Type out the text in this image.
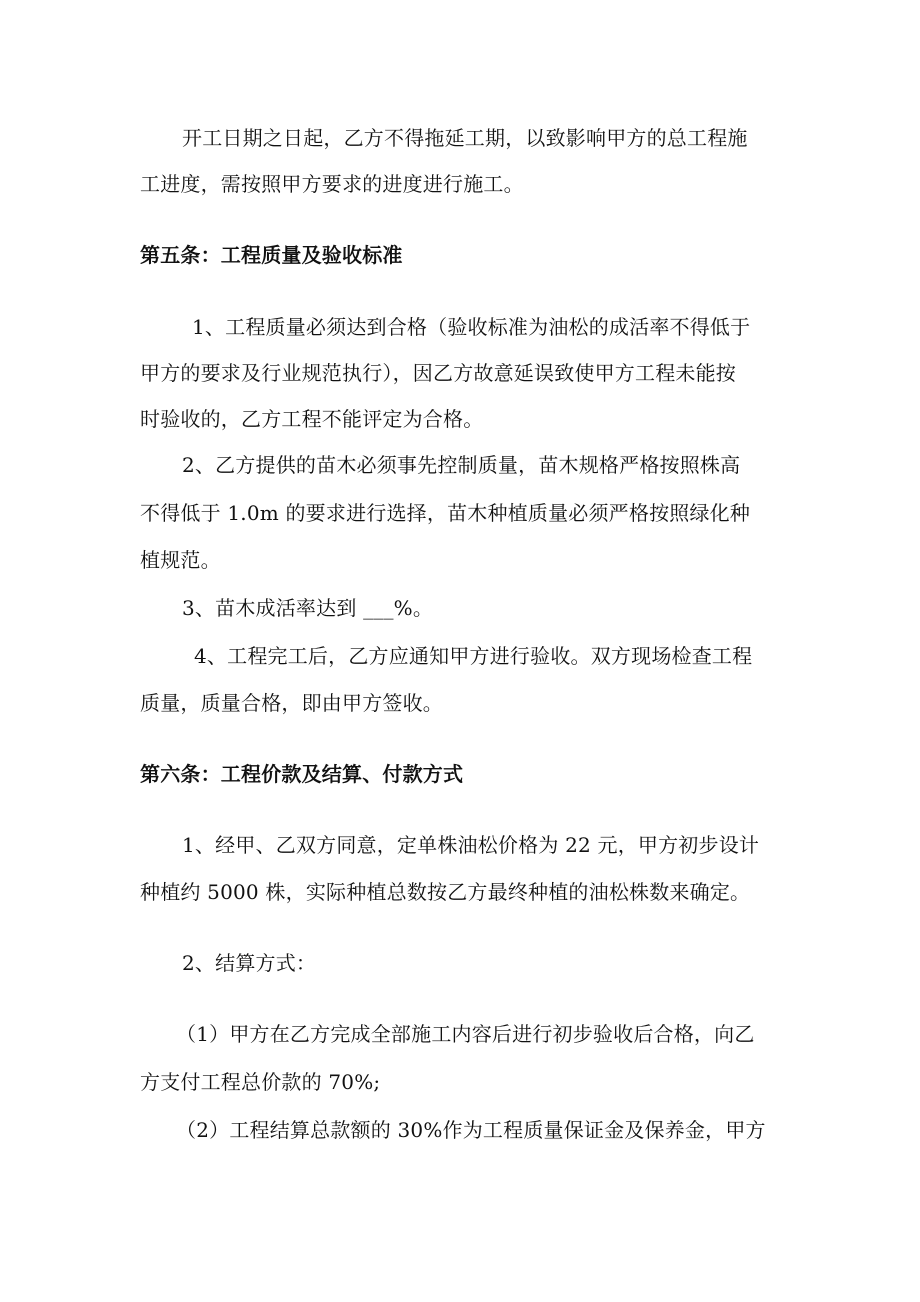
开工日期之日起，乙方不得拖延工期，以致影响甲方的总工程施
工进度，需按照甲方要求的进度进行施工。
第五条：工程质量及验收标准
1、工程质量必须达到合格（验收标准为油松的成活率不得低于
甲方的要求及行业规范执行），因乙方故意延误致使甲方工程未能按
时验收的，乙方工程不能评定为合格。
2、乙方提供的苗木必须事先控制质量，苗木规格严格按照株高
不得低于 1.0m 的要求进行选择，苗木种植质量必须严格按照绿化种
植规范。
3、苗木成活率达到 ___%。
4、工程完工后，乙方应通知甲方进行验收。双方现场检查工程
质量，质量合格，即由甲方签收。
第六条：工程价款及结算、付款方式
1、经甲、乙双方同意，定单株油松价格为 22 元，甲方初步设计
种植约 5000 株，实际种植总数按乙方最终种植的油松株数来确定。
2、结算方式：
（1）甲方在乙方完成全部施工内容后进行初步验收后合格，向乙
方支付工程总价款的 70%;
（2）工程结算总款额的 30%作为工程质量保证金及保养金，甲方
